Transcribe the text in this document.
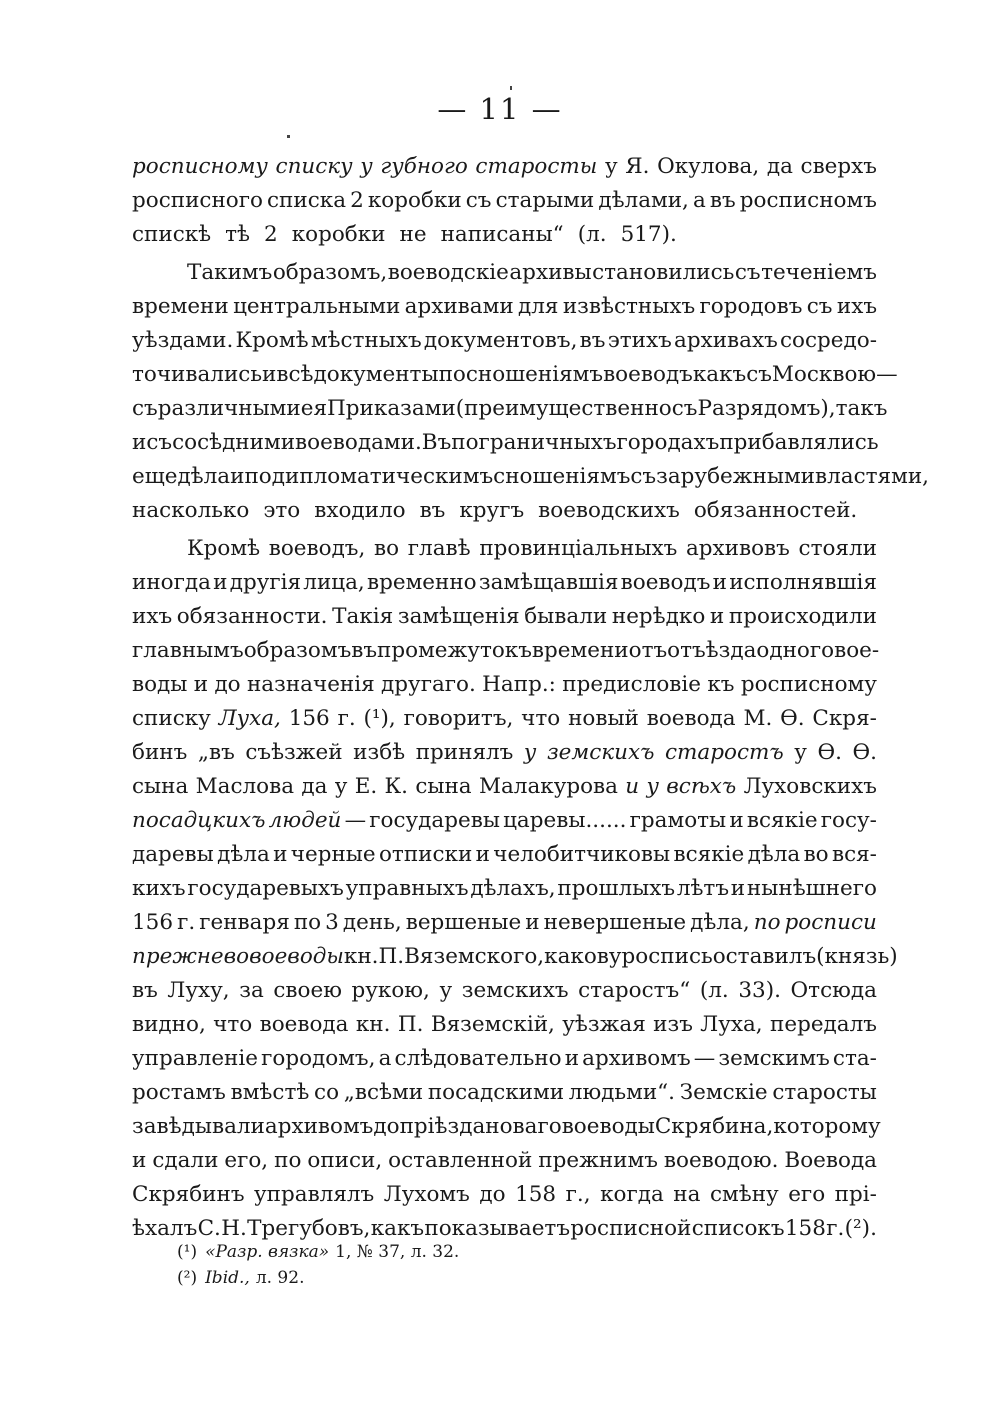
— 11 —
росписному списку у губного старосты у Я. Окулова, да сверхъ
росписного списка 2 коробки съ старыми дѣлами, а въ росписномъ
спискѣ тѣ 2 коробки не написаны“ (л. 517).
Такимъ образомъ, воеводскіе архивы становились съ теченіемъ
времени центральными архивами для извѣстныхъ городовъ съ ихъ
уѣздами. Кромѣ мѣстныхъ документовъ, въ этихъ архивахъ сосредо-
точивались и всѣ документы по сношеніямъ воеводъ какъ съ Москвою—
съ различными ея Приказами (преимущественно съ Разрядомъ), такъ
и съ сосѣдними воеводами. Въ пограничныхъ городахъ прибавлялись
еще дѣла и по дипломатическимъ сношеніямъ съ зарубежными властями,
насколько это входило въ кругъ воеводскихъ обязанностей.
Кромѣ воеводъ, во главѣ провинціальныхъ архивовъ стояли
иногда и другія лица, временно замѣщавшія воеводъ и исполнявшія
ихъ обязанности. Такія замѣщенія бывали нерѣдко и происходили
главнымъ образомъ въ промежутокъ времени отъ отъѣзда одного вое-
воды и до назначенія другаго. Напр.: предисловіе къ росписному
списку Луха, 156 г. (¹), говоритъ, что новый воевода М. Ѳ. Скря-
бинъ „въ съѣзжей избѣ принялъ у земскихъ старостъ у Ѳ. Ѳ.
сына Маслова да у Е. К. сына Малакурова и у всѣхъ Луховскихъ
посадцкихъ людей — государевы царевы...... грамоты и всякіе госу-
даревы дѣла и черные отписки и челобитчиковы всякіе дѣла во вся-
кихъ государевыхъ управныхъ дѣлахъ, прошлыхъ лѣтъ и нынѣшнего
156 г. генваря по 3 день, вершеные и невершеные дѣла, по росписи
прежнево воеводы кн. П. Вяземского, какову роспись оставилъ (князь)
въ Луху, за своею рукою, у земскихъ старостъ“ (л. 33). Отсюда
видно, что воевода кн. П. Вяземскій, уѣзжая изъ Луха, передалъ
управленіе городомъ, а слѣдовательно и архивомъ — земскимъ ста-
ростамъ вмѣстѣ со „всѣми посадскими людьми“. Земскіе старосты
завѣдывали архивомъ до пріѣзда новаго воеводы Скрябина, которому
и сдали его, по описи, оставленной прежнимъ воеводою. Воевода
Скрябинъ управлялъ Лухомъ до 158 г., когда на смѣну его прі-
ѣхалъ С. Н. Трегубовъ, какъ показываетъ росписной списокъ 158 г. (²).
(¹) «Разр. вязка» 1, № 37, л. 32.
(²) Ibid., л. 92.
